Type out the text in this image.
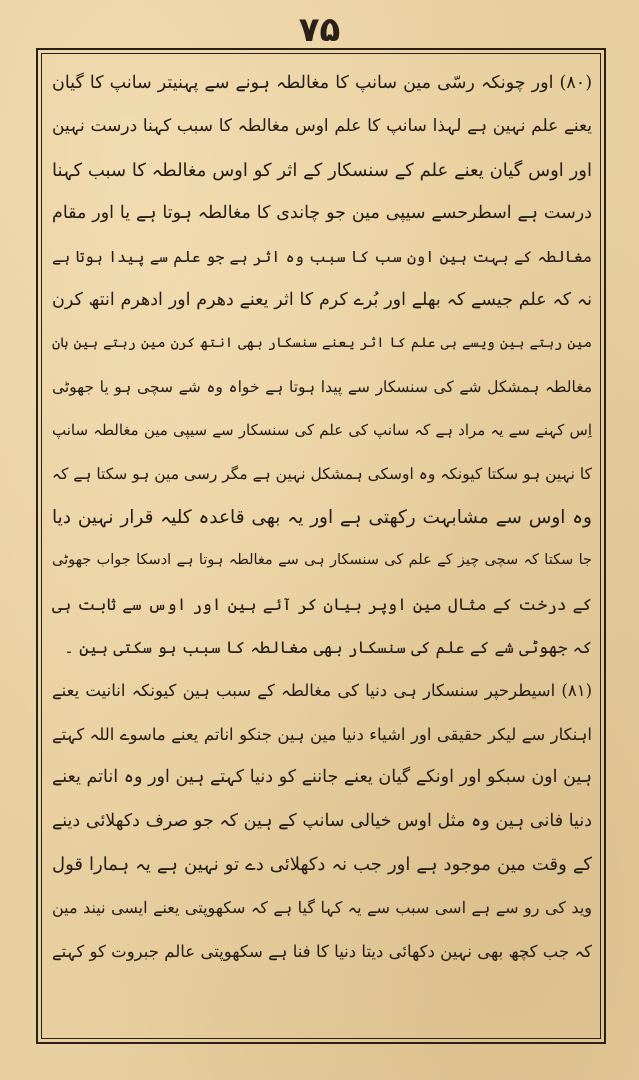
۷۵
(۸۰) اور چونکہ رسّی مین سانپ کا مغالطہ ہونے سے پہنیتر سانپ کا گیان
یعنے علم نہین ہے لہذا سانپ کا علم اوس مغالطہ کا سبب کہنا درست نہین
اور اوس گیان یعنے علم کے سنسکار کے اثر کو اوس مغالطہ کا سبب کہنا
درست ہے اسطرحسے سیپی مین جو چاندی کا مغالطہ ہوتا ہے یا اور مقام
مغالطہ کے بہت ہین اون سب کا سبب وہ اثر ہے جو علم سے پیدا ہوتا ہے
نہ کہ علم جیسے کہ بھلے اور بُرے کرم کا اثر یعنے دھرم اور ادھرم انتھ کرن
مین رہتے ہین ویسے ہی علم کا اثر یعنے سنسکار بھی انتھ کرن مین رہتے ہین ہان
مغالطہ ہمشکل شے کی سنسکار سے پیدا ہوتا ہے خواہ وہ شے سچی ہو یا جھوٹی
اِس کہنے سے یہ مراد ہے کہ سانپ کی علم کی سنسکار سے سیپی مین مغالطہ سانپ
کا نہین ہو سکتا کیونکہ وہ اوسکی ہمشکل نہین ہے مگر رسی مین ہو سکتا ہے کہ
وہ اوس سے مشابہت رکھتی ہے اور یہ بھی قاعدہ کلیہ قرار نہین دیا
جا سکتا کہ سچی چیز کے علم کی سنسکار ہی سے مغالطہ ہوتا ہے ادسکا جواب جھوٹی
کے درخت کے مثال مین اوپر بیان کر آئے ہین اور اوس سے ثابت ہی
کہ جھوٹی شے کے علم کی سنسکار بھی مغالطہ کا سبب ہو سکتی ہین ۔
(۸۱) اسیطرحپر سنسکار ہی دنیا کی مغالطہ کے سبب ہین کیونکہ انانیت یعنے
اہنکار سے لیکر حقیقی اور اشیاء دنیا مین ہین جنکو اناتم یعنے ماسوے اللہ کہتے
ہین اون سبکو اور اونکے گیان یعنے جاننے کو دنیا کہتے ہین اور وہ اناتم یعنے
دنیا فانی ہین وہ مثل اوس خیالی سانپ کے ہین کہ جو صرف دکھلائی دینے
کے وقت مین موجود ہے اور جب نہ دکھلائی دے تو نہین ہے یہ ہمارا قول
وید کی رو سے ہے اسی سبب سے یہ کہا گیا ہے کہ سکھوپتی یعنے ایسی نیند مین
کہ جب کچھ بھی نہین دکھائی دیتا دنیا کا فنا ہے سکھوپتی عالم جبروت کو کہتے
